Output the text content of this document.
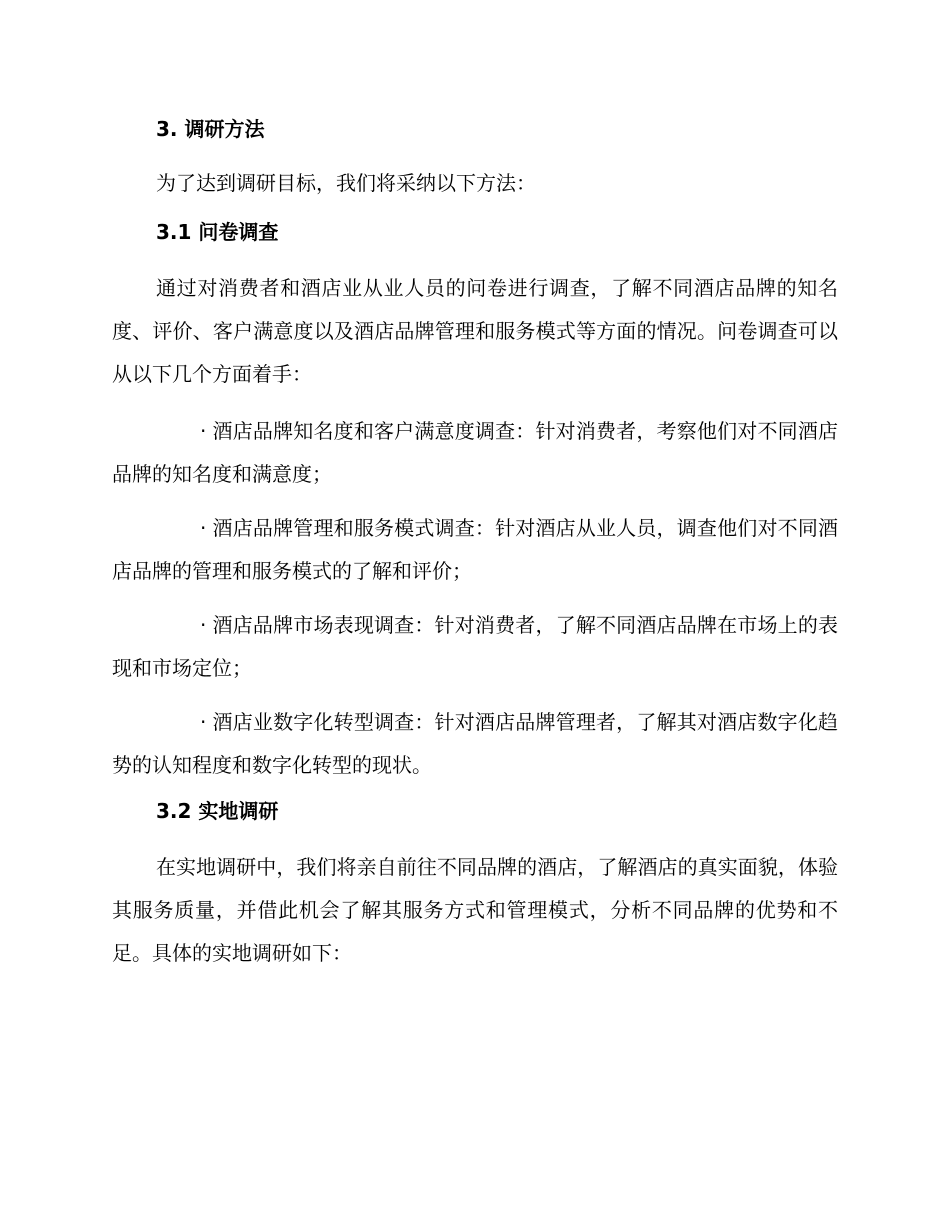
3. 调研方法
为了达到调研目标，我们将采纳以下方法：
3.1 问卷调查
通过对消费者和酒店业从业人员的问卷进行调查，了解不同酒店品牌的知名度、评价、客户满意度以及酒店品牌管理和服务模式等方面的情况。问卷调查可以从以下几个方面着手：
· 酒店品牌知名度和客户满意度调查：针对消费者，考察他们对不同酒店品牌的知名度和满意度；
· 酒店品牌管理和服务模式调查：针对酒店从业人员，调查他们对不同酒店品牌的管理和服务模式的了解和评价；
· 酒店品牌市场表现调查：针对消费者，了解不同酒店品牌在市场上的表现和市场定位；
· 酒店业数字化转型调查：针对酒店品牌管理者，了解其对酒店数字化趋势的认知程度和数字化转型的现状。
3.2 实地调研
在实地调研中，我们将亲自前往不同品牌的酒店，了解酒店的真实面貌，体验其服务质量，并借此机会了解其服务方式和管理模式，分析不同品牌的优势和不足。具体的实地调研如下：
